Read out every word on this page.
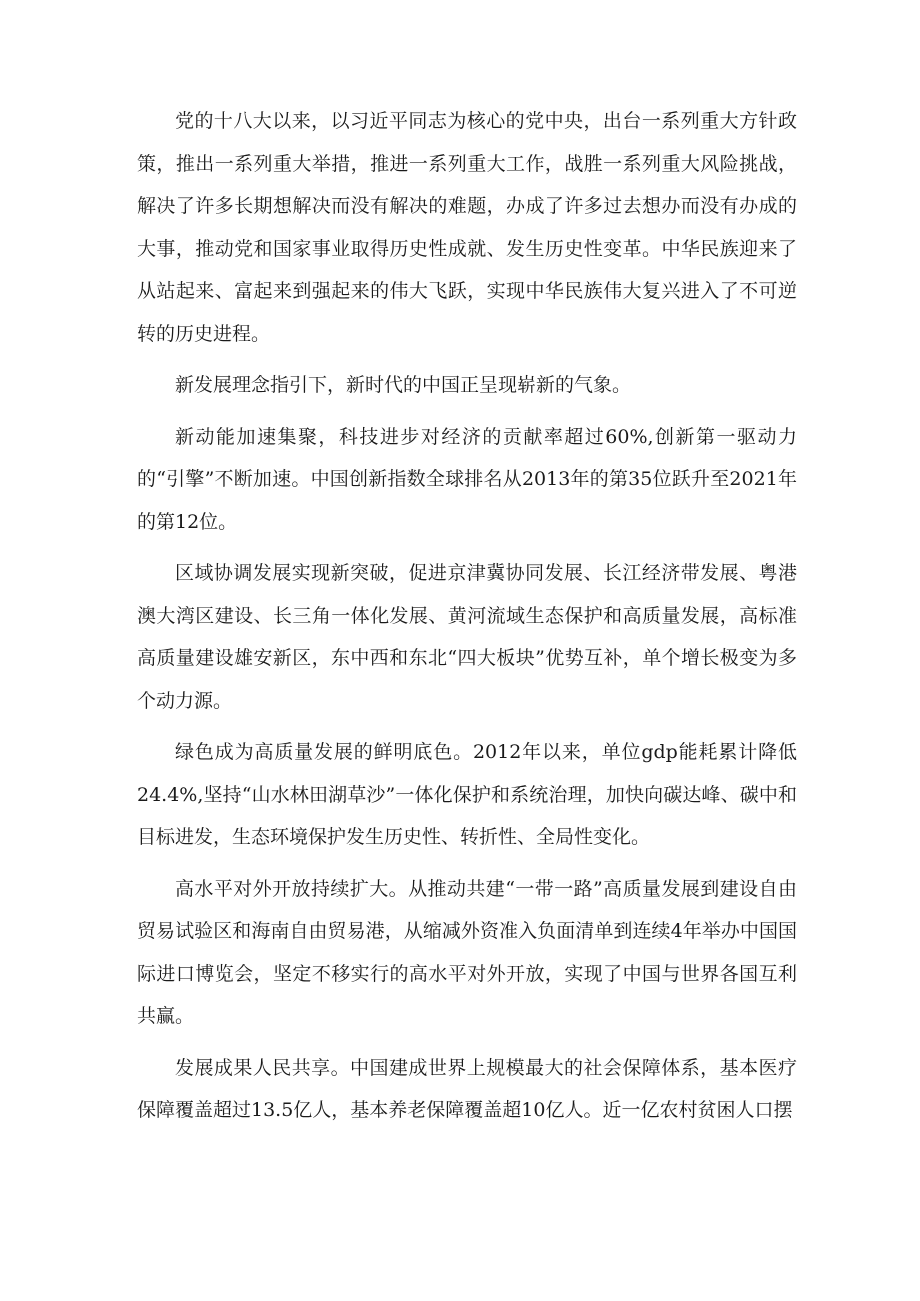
党的十八大以来，以习近平同志为核心的党中央，出台一系列重大方针政策，推出一系列重大举措，推进一系列重大工作，战胜一系列重大风险挑战，解决了许多长期想解决而没有解决的难题，办成了许多过去想办而没有办成的大事，推动党和国家事业取得历史性成就、发生历史性变革。中华民族迎来了从站起来、富起来到强起来的伟大飞跃，实现中华民族伟大复兴进入了不可逆转的历史进程。

新发展理念指引下，新时代的中国正呈现崭新的气象。

新动能加速集聚，科技进步对经济的贡献率超过60%,创新第一驱动力的“引擎”不断加速。中国创新指数全球排名从2013年的第35位跃升至2021年的第12位。

区域协调发展实现新突破，促进京津冀协同发展、长江经济带发展、粤港澳大湾区建设、长三角一体化发展、黄河流域生态保护和高质量发展，高标准高质量建设雄安新区，东中西和东北“四大板块”优势互补，单个增长极变为多个动力源。

绿色成为高质量发展的鲜明底色。2012年以来，单位gdp能耗累计降低24.4%,坚持“山水林田湖草沙”一体化保护和系统治理，加快向碳达峰、碳中和目标进发，生态环境保护发生历史性、转折性、全局性变化。

高水平对外开放持续扩大。从推动共建“一带一路”高质量发展到建设自由贸易试验区和海南自由贸易港，从缩减外资准入负面清单到连续4年举办中国国际进口博览会，坚定不移实行的高水平对外开放，实现了中国与世界各国互利共赢。

发展成果人民共享。中国建成世界上规模最大的社会保障体系，基本医疗保障覆盖超过13.5亿人，基本养老保障覆盖超10亿人。近一亿农村贫困人口摆
